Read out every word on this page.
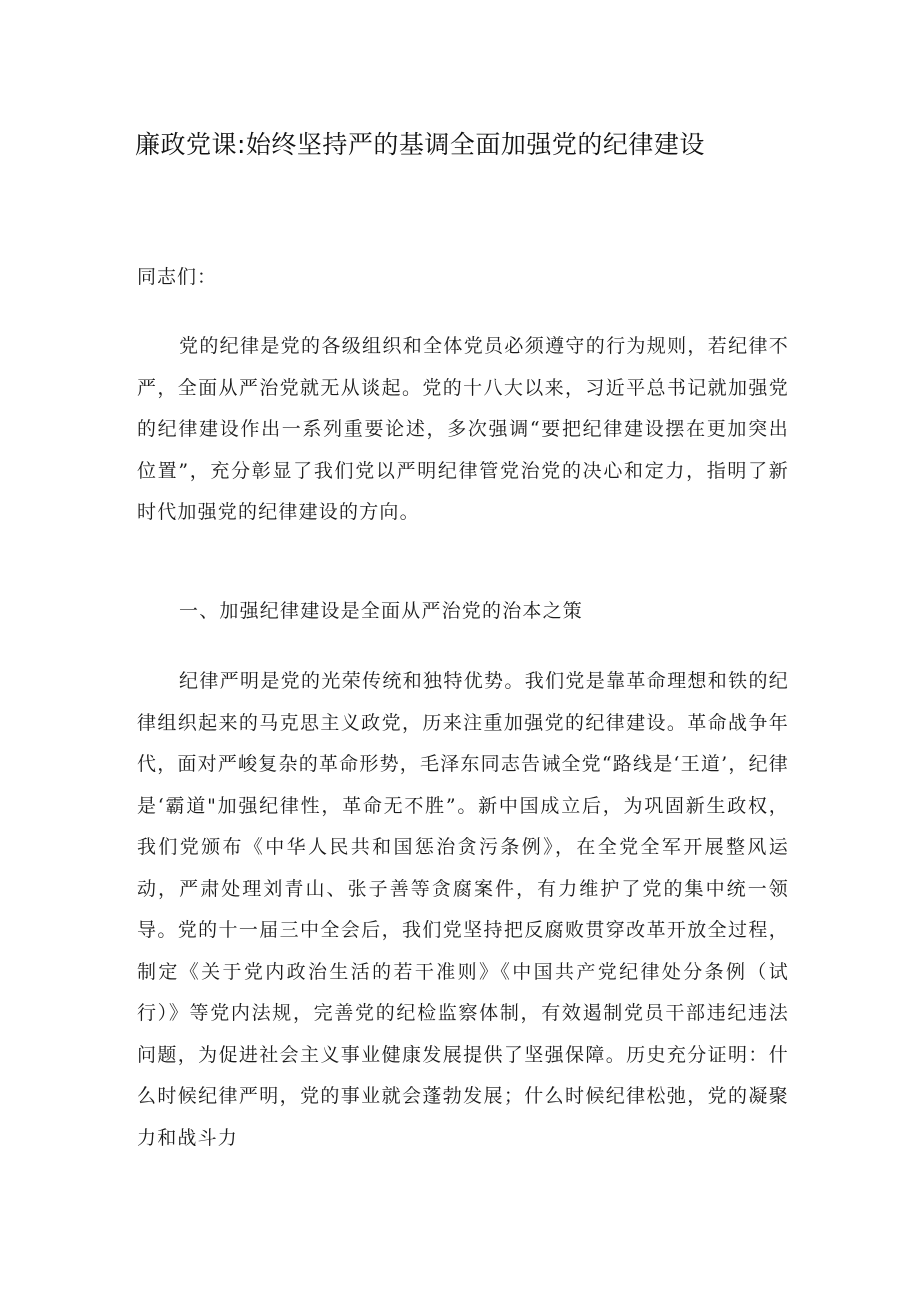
廉政党课:始终坚持严的基调全面加强党的纪律建设

同志们：

党的纪律是党的各级组织和全体党员必须遵守的行为规则，若纪律不严，全面从严治党就无从谈起。党的十八大以来，习近平总书记就加强党的纪律建设作出一系列重要论述，多次强调“要把纪律建设摆在更加突出位置”，充分彰显了我们党以严明纪律管党治党的决心和定力，指明了新时代加强党的纪律建设的方向。

一、加强纪律建设是全面从严治党的治本之策

纪律严明是党的光荣传统和独特优势。我们党是靠革命理想和铁的纪律组织起来的马克思主义政党，历来注重加强党的纪律建设。革命战争年代，面对严峻复杂的革命形势，毛泽东同志告诫全党“路线是‘王道’，纪律是‘霸道"加强纪律性，革命无不胜”。新中国成立后，为巩固新生政权，我们党颁布《中华人民共和国惩治贪污条例》，在全党全军开展整风运动，严肃处理刘青山、张子善等贪腐案件，有力维护了党的集中统一领导。党的十一届三中全会后，我们党坚持把反腐败贯穿改革开放全过程，制定《关于党内政治生活的若干准则》《中国共产党纪律处分条例（试行）》等党内法规，完善党的纪检监察体制，有效遏制党员干部违纪违法问题，为促进社会主义事业健康发展提供了坚强保障。历史充分证明：什么时候纪律严明，党的事业就会蓬勃发展；什么时候纪律松弛，党的凝聚力和战斗力
